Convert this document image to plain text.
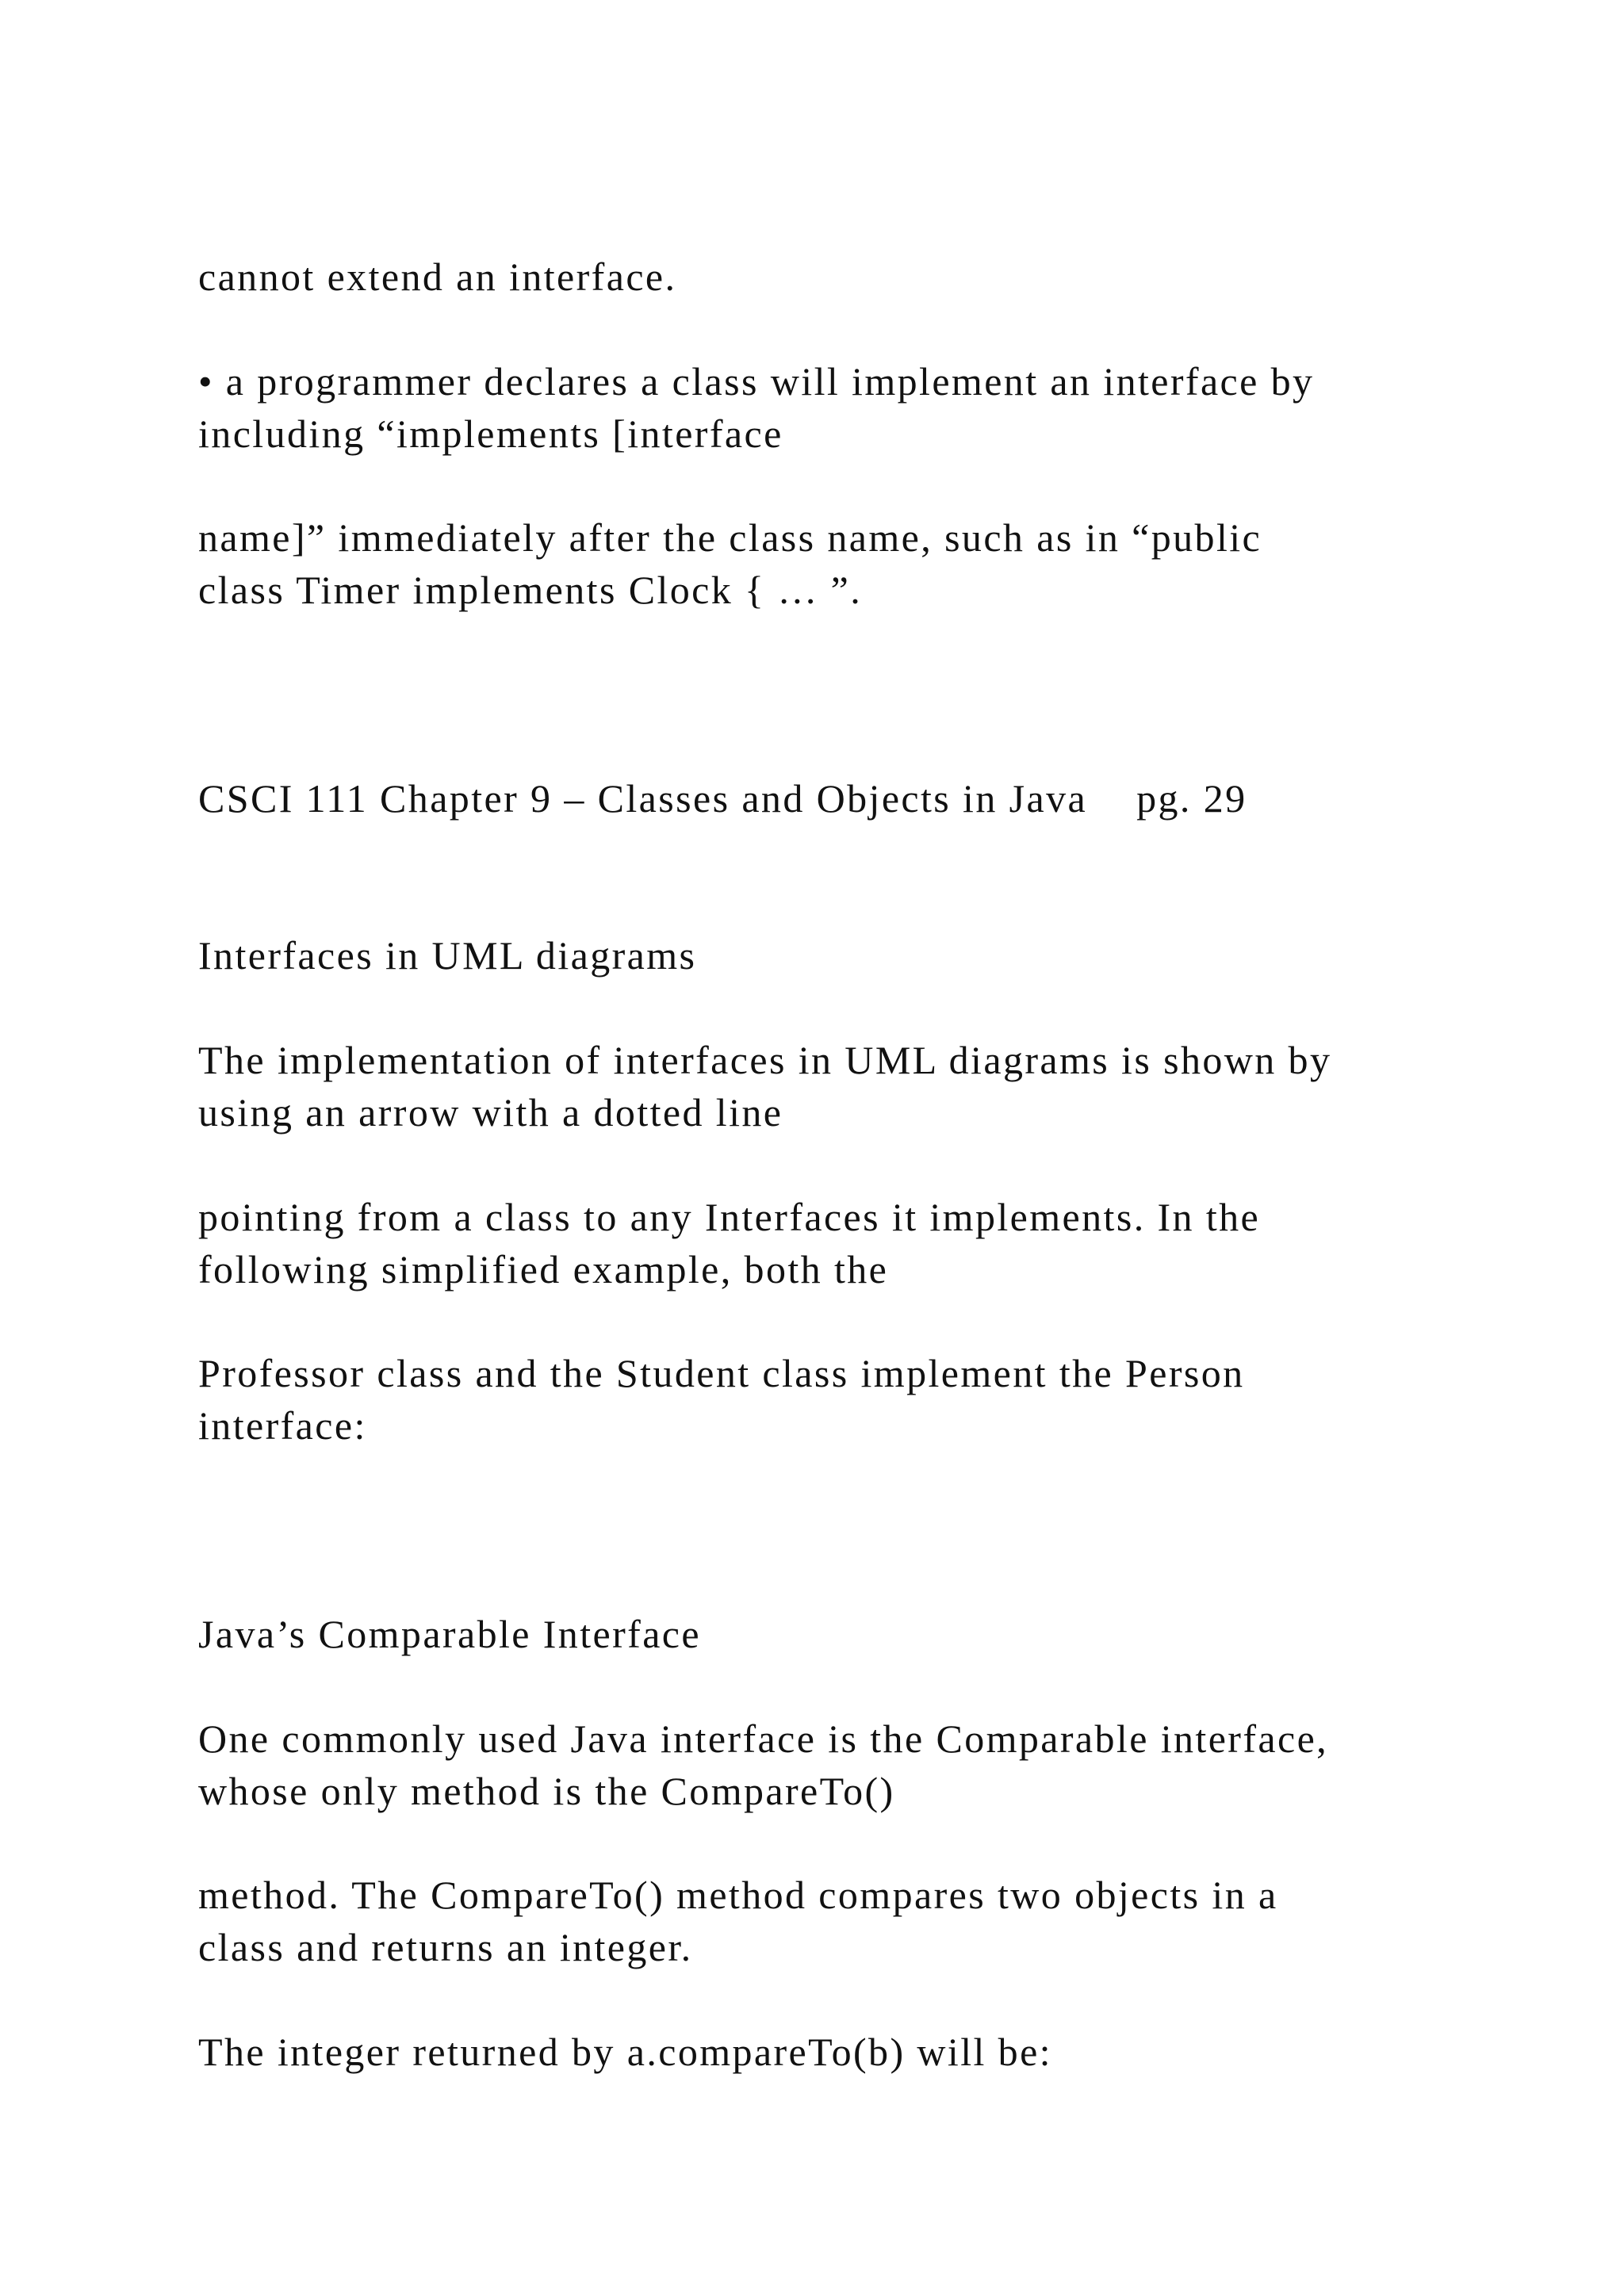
cannot extend an interface.
• a programmer declares a class will implement an interface by
including “implements [interface
name]” immediately after the class name, such as in “public
class Timer implements Clock { … ”.
CSCI 111 Chapter 9 – Classes and Objects in Java pg. 29
Interfaces in UML diagrams
The implementation of interfaces in UML diagrams is shown by
using an arrow with a dotted line
pointing from a class to any Interfaces it implements. In the
following simplified example, both the
Professor class and the Student class implement the Person
interface:
Java’s Comparable Interface
One commonly used Java interface is the Comparable interface,
whose only method is the CompareTo()
method. The CompareTo() method compares two objects in a
class and returns an integer.
The integer returned by a.compareTo(b) will be:
